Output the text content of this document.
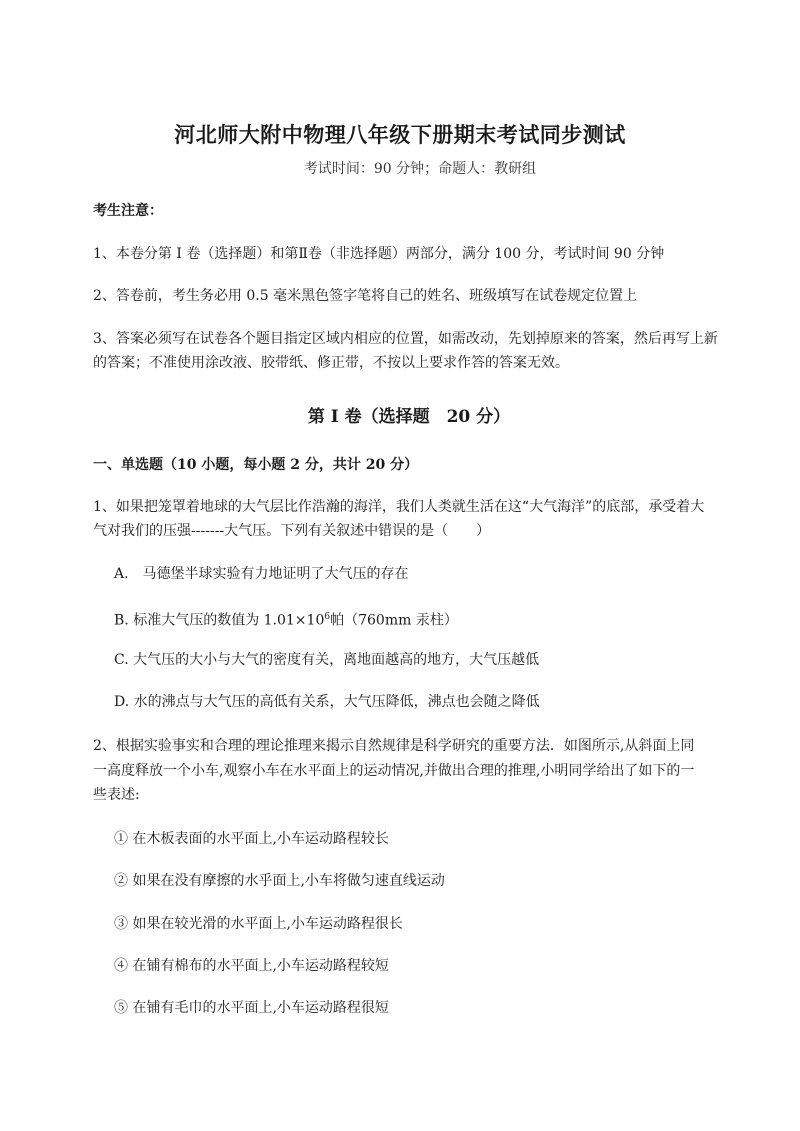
河北师大附中物理八年级下册期末考试同步测试
考试时间：90 分钟；命题人：教研组
考生注意：
1、本卷分第 I 卷（选择题）和第Ⅱ卷（非选择题）两部分，满分 100 分，考试时间 90 分钟
2、答卷前，考生务必用 0.5 毫米黑色签字笔将自己的姓名、班级填写在试卷规定位置上
3、答案必须写在试卷各个题目指定区域内相应的位置，如需改动，先划掉原来的答案，然后再写上新
的答案；不准使用涂改液、胶带纸、修正带，不按以上要求作答的答案无效。
第 I 卷（选择题　20 分）
一、单选题（10 小题，每小题 2 分，共计 20 分）
1、如果把笼罩着地球的大气层比作浩瀚的海洋，我们人类就生活在这“大气海洋”的底部，承受着大
气对我们的压强-------大气压。下列有关叙述中错误的是（　　）
A.　马德堡半球实验有力地证明了大气压的存在
B. 标准大气压的数值为 $1.01\times 10^6$帕（760mm 汞柱）
C. 大气压的大小与大气的密度有关，离地面越高的地方，大气压越低
D. 水的沸点与大气压的高低有关系，大气压降低，沸点也会随之降低
2、根据实验事实和合理的理论推理来揭示自然规律是科学研究的重要方法．如图所示,从斜面上同
一高度释放一个小车,观察小车在水平面上的运动情况,并做出合理的推理,小明同学给出了如下的一
些表述:
① 在木板表面的水平面上,小车运动路程较长
② 如果在没有摩擦的水乎面上,小车将做匀速直线运动
③ 如果在较光滑的水平面上,小车运动路程很长
④ 在铺有棉布的水平面上,小车运动路程较短
⑤ 在铺有毛巾的水平面上,小车运动路程很短
